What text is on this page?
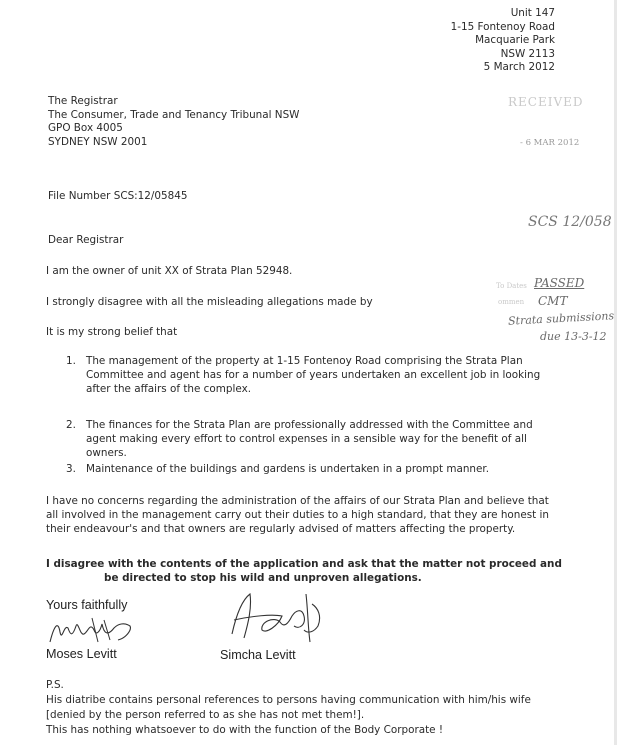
Unit 147
1-15 Fontenoy Road
Macquarie Park
NSW 2113
5 March 2012
The Registrar
The Consumer, Trade and Tenancy Tribunal NSW
GPO Box 4005
SYDNEY NSW 2001
RECEIVED
- 6 MAR 2012
SCS 12/058
To Dates PASSED
ommen CMT
Strata submissions
due 13-3-12
File Number SCS:12/05845
Dear Registrar
I am the owner of unit XX of Strata Plan 52948.
I strongly disagree with all the misleading allegations made by
It is my strong belief that
1. The management of the property at 1-15 Fontenoy Road comprising the Strata Plan Committee and agent has for a number of years undertaken an excellent job in looking after the affairs of the complex.
2. The finances for the Strata Plan are professionally addressed with the Committee and agent making every effort to control expenses in a sensible way for the benefit of all owners.
3. Maintenance of the buildings and gardens is undertaken in a prompt manner.
I have no concerns regarding the administration of the affairs of our Strata Plan and believe that all involved in the management carry out their duties to a high standard, that they are honest in their endeavour's and that owners are regularly advised of matters affecting the property.
I disagree with the contents of the application and ask that the matter not proceed and
be directed to stop his wild and unproven allegations.
Yours faithfully
Moses Levitt	Simcha Levitt
P.S.
His diatribe contains personal references to persons having communication with him/his wife
[denied by the person referred to as she has not met them!].
This has nothing whatsoever to do with the function of the Body Corporate !
